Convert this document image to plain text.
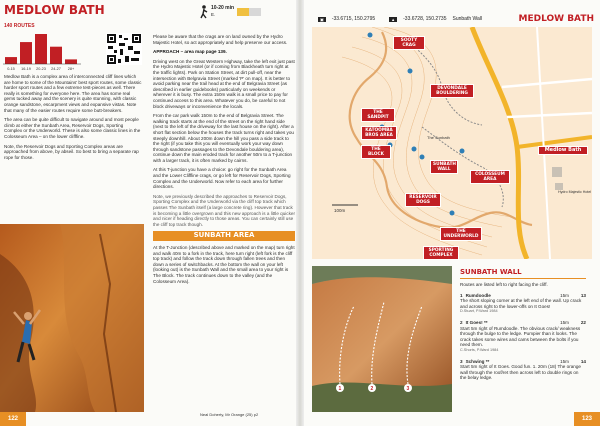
MEDLOW BATH
140 ROUTES
0-15 16-19 20-23 24-27 28+
10-20 min
E.

Medlow Bath is a complex area of interconnected cliff lines which are home to some of the Mountains' best sport routes, some classic harder sport routes and a few extreme test-pieces as well. There really is something for everyone here. The area has some real gems tucked away and the scenery is quite stunning, with classic orange sandstone, escarpment views and expansive vistas. Note that many of the easier routes require some butt-breakers.

The area can be quite difficult to navigate around and most people climb at either the Sunbath Area, Reservoir Dogs, Sporting Complex or the Underworld. These is also some classic lines in the Colosseum Area – on the lower clifffine.

Note, the Reservoir Dogs and Sporting Complex areas are approached from above, by abseil. So best to bring a separate rap rope for those.

Please be aware that the crags are on land owned by the Hydro Majestic Hotel, so act appropriately and help preserve our access.

APPROACH – area map page 139.

Driving west on the Great Western Highway, take the left exit just past the Hydro Majestic Hotel (or if coming from Blackheath turn right at the traffic lights). Park on Station Street, at dirt pull-off, near the intersection with Belgravia Street (marked 'P' on map). It is better to avoid parking near the trail head at the end of Belgravia Street (as described in earlier guidebooks) particularly on weekends or wherever it is busy. The extra 150m walk is a small price to pay for continued access to this area. Whatever you do, be careful to not block driveways or inconvenience the locals.

From the car park walk 150m to the end of Belgravia Street. The walking track starts at the end of the street on the right hand side (next to the left of the driveway for the last house on the right). After a short flat section below the houses the track turns right and takes you steeply downhill. About 200m down the hill you pass a side track to the right (if you take this you will eventually work your way down through sandstone passages to the Devondale bouldering area), continue down the main eroded track for another 50m to a T-junction with a larger track, it is often marked by cairns.

At this T-junction you have a choice: go right for the Sunbath Area and the Lower Cliffline crags, or go left for Reservoir Dogs, Sporting Complex and the Underworld. Now refer to each area for further directions.

Note, we previously described the approaches to Reservoir Dogs, Sporting Complex and the Underworld via the cliff top track which passes The Sunbath itself (a large concrete ring). However that track is becoming a little overgrown and this new approach is a little quicker and nicer if heading directly to those areas. You can certainly still use the cliff top track though.

SUNBATH AREA

At the T-Junction (described above and marked on the map) turn right and walk 40m to a fork in the track, here turn right (left fork is the cliff top track) and follow the track down through fallen trees and then down a series of switchbacks. At the bottom the wall on your left (looking out) is the Sunbath Wall and the small area to your right is The Block. The track continues down to the valley (and the Colosseum Area).

Neal Doherty, Mr Orange (25) p2
122
▣	-33.6715, 150.2795	▲	-33.6728, 150.2735 Sunbath Wall	MEDLOW BATH
100m
The Sunbath
Hydro Majestic Hotel
SOOTY CRAG
DEVONDALE BOULDERING
THE SANDPIT
KATOOMBA BROS AREA
THE BLOCK
SUNBATH WALL
COLOSSEUM AREA
RESERVOIR DOGS
THE UNDERWORLD
SPORTING COMPLEX
Medlow Bath
1	2	3
SUNBATH WALL
Routes are listed left to right facing the cliff.
1 Rumdoodle	15m	13
The short sloping corner at the left end of the wall. Up crack and across right to the lower-offs on It Goes!
D.Stuart, P.Ward 1984
2 It Goes! **	15m	22
Start 5m right of Rumdoodle. The obvious crack/ weakness through the bulge to the ledge. Pumpier than it looks. The crack takes some wires and cams between the bolts if you need them.
C.Shorts, P.Ward 1984
3 Schwing **	15m	14
Start 5m right of It Goes. Good fun. 1. 20m (18) The orange wall through the roof/ret then across left to double rings on the belay ledge.
123
